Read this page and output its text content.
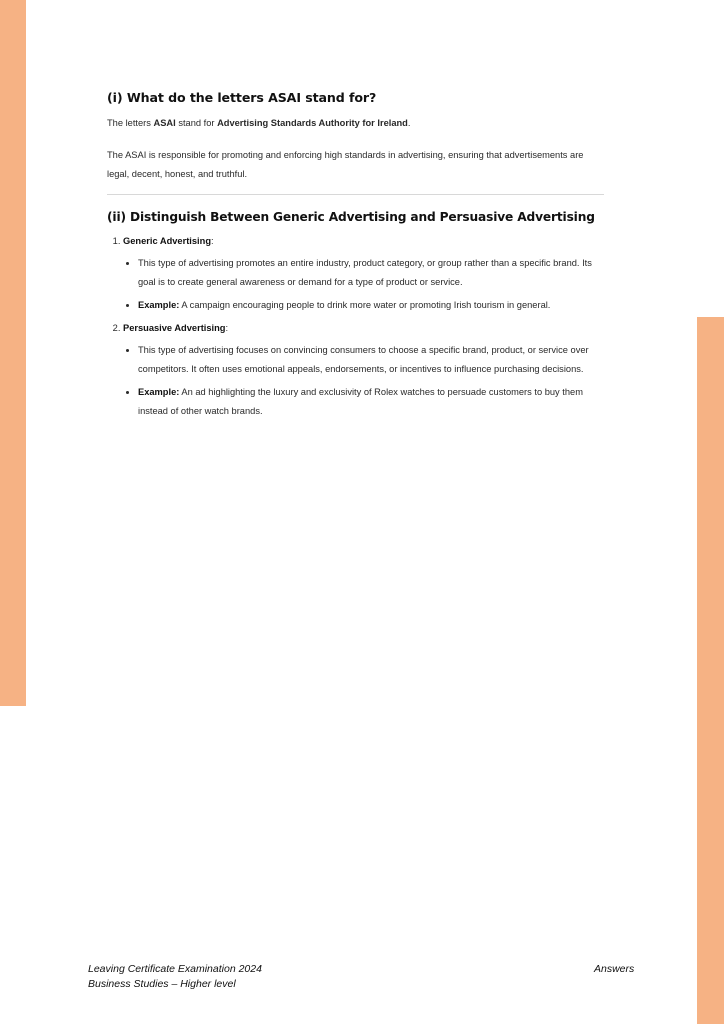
(i) What do the letters ASAI stand for?

The letters ASAI stand for Advertising Standards Authority for Ireland.

The ASAI is responsible for promoting and enforcing high standards in advertising, ensuring that advertisements are legal, decent, honest, and truthful.

(ii) Distinguish Between Generic Advertising and Persuasive Advertising
1. Generic Advertising:
• This type of advertising promotes an entire industry, product category, or group rather than a specific brand. Its goal is to create general awareness or demand for a type of product or service.
• Example: A campaign encouraging people to drink more water or promoting Irish tourism in general.
2. Persuasive Advertising:
• This type of advertising focuses on convincing consumers to choose a specific brand, product, or service over competitors. It often uses emotional appeals, endorsements, or incentives to influence purchasing decisions.
• Example: An ad highlighting the luxury and exclusivity of Rolex watches to persuade customers to buy them instead of other watch brands.
Leaving Certificate Examination 2024
Business Studies – Higher level
Answers
